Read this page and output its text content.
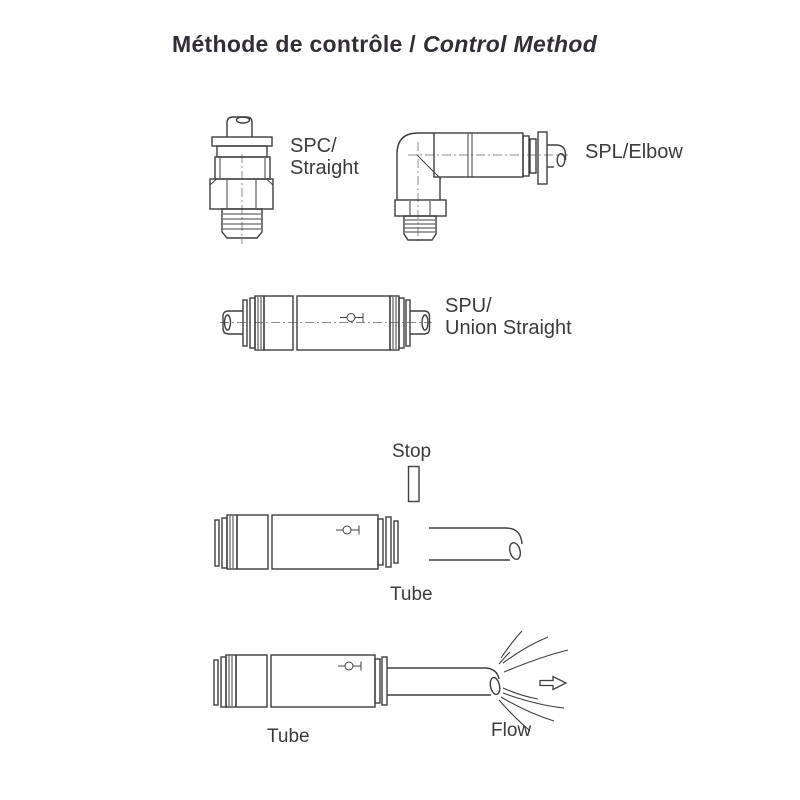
Méthode de contrôle / Control Method
SPC/
Straight
SPL/Elbow
SPU/
Union Straight
Stop
Tube
Tube	Flow
